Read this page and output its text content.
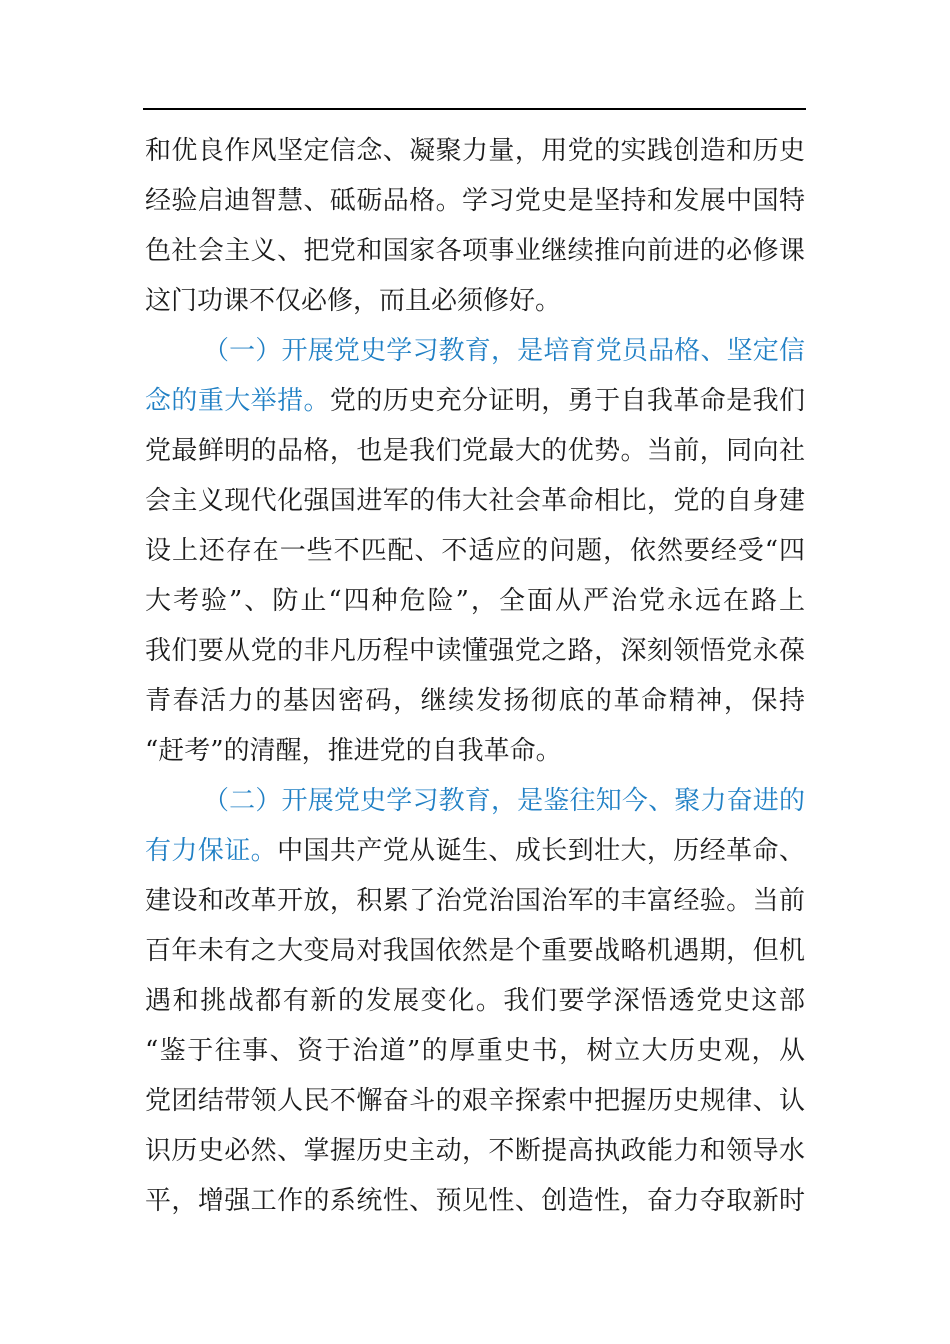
和优良作风坚定信念、凝聚力量，用党的实践创造和历史
经验启迪智慧、砥砺品格。学习党史是坚持和发展中国特
色社会主义、把党和国家各项事业继续推向前进的必修课
这门功课不仅必修，而且必须修好。
（一）开展党史学习教育，是培育党员品格、坚定信
念的重大举措。党的历史充分证明，勇于自我革命是我们
党最鲜明的品格，也是我们党最大的优势。当前，同向社
会主义现代化强国进军的伟大社会革命相比，党的自身建
设上还存在一些不匹配、不适应的问题，依然要经受“四
大考验”、防止“四种危险”，全面从严治党永远在路上
我们要从党的非凡历程中读懂强党之路，深刻领悟党永葆
青春活力的基因密码，继续发扬彻底的革命精神，保持
“赶考”的清醒，推进党的自我革命。
（二）开展党史学习教育，是鉴往知今、聚力奋进的
有力保证。中国共产党从诞生、成长到壮大，历经革命、
建设和改革开放，积累了治党治国治军的丰富经验。当前
百年未有之大变局对我国依然是个重要战略机遇期，但机
遇和挑战都有新的发展变化。我们要学深悟透党史这部
“鉴于往事、资于治道”的厚重史书，树立大历史观，从
党团结带领人民不懈奋斗的艰辛探索中把握历史规律、认
识历史必然、掌握历史主动，不断提高执政能力和领导水
平，增强工作的系统性、预见性、创造性，奋力夺取新时
